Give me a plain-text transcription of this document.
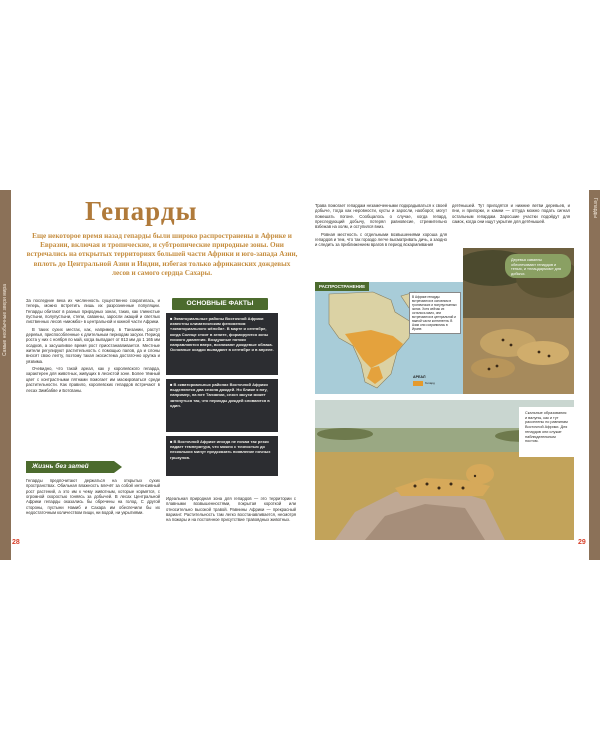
Самые необычные звери мира
Гепарды
Гепарды
Еще некоторое время назад гепарды были широко распространены в Африке и Евразии, включая и тропические, и субтропические природные зоны. Они встречались на открытых территориях большей части Африки и юго-запада Азии, вплоть до Центральной Азии и Индии, избегая только африканских дождевых лесов и самого сердца Сахары.

За последние века их численность существенно сократилась, и теперь, можно встретить лишь их разрозненные популяции. Гепарды обитают в разных природных зонах, таких, как глинистые пустыни, полупустыни, степи, саванны, заросли акаций и светлых лиственных лесов «миомбо» в центральной и южной части Африки.

В таких сухих местах, как, например, в Танзании, растут деревья, приспособленные к длительным периодам засухи. Период роста у них с ноября по май, когда выпадает от 813 мм до 1 165 мм осадков, а засушливое время рост приостанавливается. Местные жители регулируют растительность с помощью палов, да и слоны вносят свою лепту, поэтому такая экосистема достаточно хрупка и уязвима.

Очевидно, что такой ареал, как у королевского гепарда, характерен для животных, живущих в лесистой зоне. Более тёмный цвет с контрастными пятнами помогает им маскироваться среди растительности. Как правило, королевских гепардов встречают в лесах Зимбабве и Ботсваны.

ОСНОВНЫЕ ФАКТЫ
■ Экваториальные районы Восточной Африки известны климатическим феноменом «экваториального жёлоба». В марте и сентябре, когда Солнце стоит в зените, формируются зоны низкого давления. Воздушные потоки направляются вверх, возникают дождевые облака. Основные осадки выпадают в сентябре и в апреле.
■ В экваториальных районах Восточной Африки выделяются два сезона дождей. Но ближе к югу, например, на юге Танзании, сезон засухи может затянуться так, что периоды дождей сливаются в один.
■ В Восточной Африке иногда не почам так резко падает температура, что можно с точностью до нескольких минут предсказать появление ночных грызунов.
Жизнь без затей

Гепарды предпочитают держаться на открытых сухих пространствах. Обильная влажность влечёт за собой интенсивный рост растений, а это им к чему животным, которые кормятся, с огромной скоростью гоняясь за добычей. В лесах Центральной Африки гепарды оказались бы обречены на голод. С другой стороны, пустыни Намиб и Сахара им обеспечили бы их недостаточным количеством пищи, ни водой, ни укрытиями.

Идеальная природная зона для гепардов — это территории с плавными возвышенностями, покрытая короткой или относительно высокой травой. Равнины Африки — прекрасный вариант. Растительность там легко восстанавливается, несмотря на пожары и на постоянное присутствие травоядных животных.

Трава помогает гепардам незамеченными подкрадываться к своей добыче, тогда как неровности, кусты и заросли, наоборот, могут помешать погоне. Сообщалось о случае, когда гепард, преследующий добычу, потерял равновесие, стремительно взбежав на холм, и оступился вниз.

Ровная местность с отдельными возвышениями хороша для гепардов и тем, что так гораздо легче высматривать дичь, а заодно и следить за приближением врагов в период вскармливания

детёнышей. Тут пригодятся и нижние ветви деревьев, и пни, и пригорки, и камни — оттуда можно подать сигнал остальным гепардам. Заросшие участки подойдут для самок, когда они ищут укрытие для детёнышей.

РАСПРОСТРАНЕНИЕ
В Африке гепарды встречаются в основном в тропических и полупустынных зонах. Хотя сейчас их осталось мало, они встречаются в центральной и южной части континента. В Азии они сохранились в Иране.
АРЕАЛ
Гепард
Деревья саванны обеспечивают гепардов и тенью, и «плацдармом» для добычи.
Скальные образования и валуны, как и тут расселены по равнинам Восточной Африки. Для гепардов они служат наблюдательным постом.
28	29
